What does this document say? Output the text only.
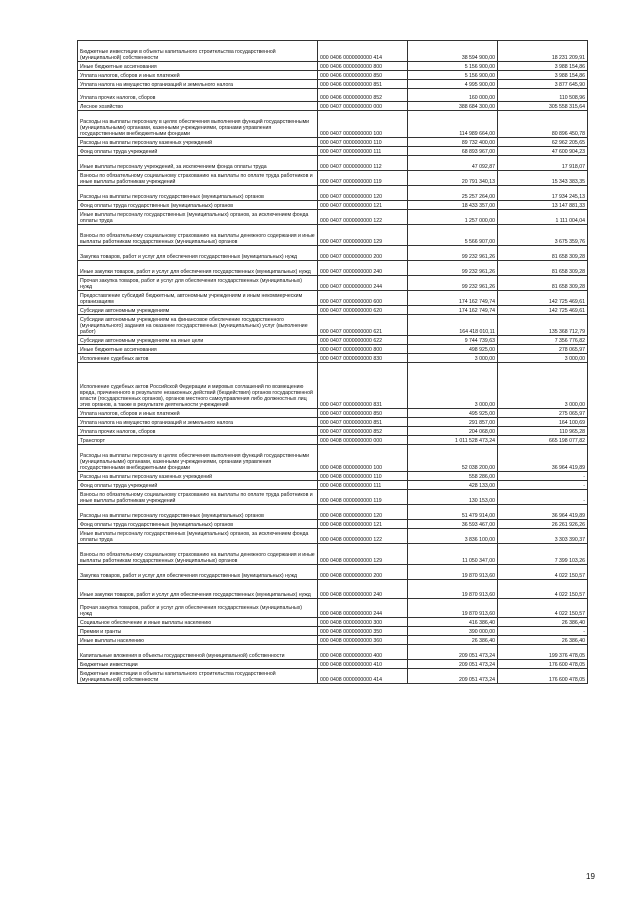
Бюджетные инвестиции в объекты капитального строительства государственной (муниципальной) собственности	000 0406 0000000000 414	38 594 900,00	18 231 209,91
Иные бюджетные ассигнования	000 0406 0000000000 800	5 156 900,00	3 988 154,86
Уплата налогов, сборов и иных платежей	000 0406 0000000000 850	5 156 900,00	3 988 154,86
Уплата налога на имущество организаций и земельного налога	000 0406 0000000000 851	4 995 900,00	3 877 645,90
Уплата прочих налогов, сборов	000 0406 0000000000 852	160 000,00	110 508,96
Лесное хозяйство	000 0407 0000000000 000	388 684 300,00	305 558 315,64
Расходы на выплаты персоналу в целях обеспечения выполнения функций государственными (муниципальными) органами, казенными учреждениями, органами управления государственными внебюджетными фондами	000 0407 0000000000 100	114 989 664,00	80 896 450,78
Расходы на выплаты персоналу казенных учреждений	000 0407 0000000000 110	89 732 400,00	62 962 205,65
Фонд оплаты труда учреждений	000 0407 0000000000 111	68 893 967,00	47 600 904,23
Иные выплаты персоналу учреждений, за исключением фонда оплаты труда	000 0407 0000000000 112	47 092,87	17 918,07
Взносы по обязательному социальному страхованию на выплаты по оплате труда работников и иные выплаты работникам учреждений	000 0407 0000000000 119	20 791 340,13	15 343 383,35
Расходы на выплаты персоналу государственных (муниципальных) органов	000 0407 0000000000 120	25 257 264,00	17 934 245,13
Фонд оплаты труда государственных (муниципальных) органов	000 0407 0000000000 121	18 433 357,00	13 147 881,33
Иные выплаты персоналу государственных (муниципальных) органов, за исключением фонда оплаты труда	000 0407 0000000000 122	1 257 000,00	1 111 004,04
Взносы по обязательному социальному страхованию на выплаты денежного содержания и иные выплаты работникам государственных (муниципальных) органов	000 0407 0000000000 129	5 566 907,00	3 675 359,76
Закупка товаров, работ и услуг для обеспечения государственных (муниципальных) нужд	000 0407 0000000000 200	99 232 961,26	81 658 309,28
Иные закупки товаров, работ и услуг для обеспечения государственных (муниципальных) нужд	000 0407 0000000000 240	99 232 961,26	81 658 309,28
Прочая закупка товаров, работ и услуг для обеспечения государственных (муниципальных) нужд	000 0407 0000000000 244	99 232 961,26	81 658 309,28
Предоставление субсидий бюджетным, автономным учреждениям и иным некоммерческим организациям	000 0407 0000000000 600	174 162 749,74	142 725 469,61
Субсидии автономным учреждениям	000 0407 0000000000 620	174 162 749,74	142 725 469,61
Субсидии автономным учреждениям на финансовое обеспечение государственного (муниципального) задания на оказание государственных (муниципальных) услуг (выполнение работ)	000 0407 0000000000 621	164 418 010,11	135 368 712,79
Субсидии автономным учреждениям на иные цели	000 0407 0000000000 622	9 744 739,63	7 356 776,82
Иные бюджетные ассигнования	000 0407 0000000000 800	498 925,00	278 065,97
Исполнение судебных актов	000 0407 0000000000 830	3 000,00	3 000,00
Исполнение судебных актов Российской Федерации и мировых соглашений по возмещению вреда, причиненного в результате незаконных действий (бездействия) органов государственной власти (государственных органов), органов местного самоуправления либо должностных лиц этих органов, а также в результате деятельности учреждений	000 0407 0000000000 831	3 000,00	3 000,00
Уплата налогов, сборов и иных платежей	000 0407 0000000000 850	495 925,00	275 065,97
Уплата налога на имущество организаций и земельного налога	000 0407 0000000000 851	291 857,00	164 100,69
Уплата прочих налогов, сборов	000 0407 0000000000 852	204 068,00	110 965,28
Транспорт	000 0408 0000000000 000	1 011 528 473,24	665 198 077,82
Расходы на выплаты персоналу в целях обеспечения выполнения функций государственными (муниципальными) органами, казенными учреждениями, органами управления государственными внебюджетными фондами	000 0408 0000000000 100	52 038 200,00	36 964 419,89
Расходы на выплаты персоналу казенных учреждений	000 0408 0000000000 110	558 286,00	-
Фонд оплаты труда учреждений	000 0408 0000000000 111	428 133,00	-
Взносы по обязательному социальному страхованию на выплаты по оплате труда работников и иные выплаты работникам учреждений	000 0408 0000000000 119	130 153,00	-
Расходы на выплаты персоналу государственных (муниципальных) органов	000 0408 0000000000 120	51 479 914,00	36 964 419,89
Фонд оплаты труда государственных (муниципальных) органов	000 0408 0000000000 121	36 593 467,00	26 261 926,26
Иные выплаты персоналу государственных (муниципальных) органов, за исключением фонда оплаты труда	000 0408 0000000000 122	3 836 100,00	3 303 390,37
Взносы по обязательному социальному страхованию на выплаты денежного содержания и иные выплаты работникам государственных (муниципальных) органов	000 0408 0000000000 129	11 050 347,00	7 399 103,26
Закупка товаров, работ и услуг для обеспечения государственных (муниципальных) нужд	000 0408 0000000000 200	19 870 913,60	4 022 150,57
Иные закупки товаров, работ и услуг для обеспечения государственных (муниципальных) нужд	000 0408 0000000000 240	19 870 913,60	4 022 150,57
Прочая закупка товаров, работ и услуг для обеспечения государственных (муниципальных) нужд	000 0408 0000000000 244	19 870 913,60	4 022 150,57
Социальное обеспечение и иные выплаты населению	000 0408 0000000000 300	416 386,40	26 386,40
Премии и гранты	000 0408 0000000000 350	390 000,00	-
Иные выплаты населению	000 0408 0000000000 360	26 386,40	26 386,40
Капитальные вложения в объекты государственной (муниципальной) собственности	000 0408 0000000000 400	209 051 473,24	199 376 478,05
Бюджетные инвестиции	000 0408 0000000000 410	209 051 473,24	176 600 478,05
Бюджетные инвестиции в объекты капитального строительства государственной (муниципальной) собственности	000 0408 0000000000 414	209 051 473,24	176 600 478,05
19
